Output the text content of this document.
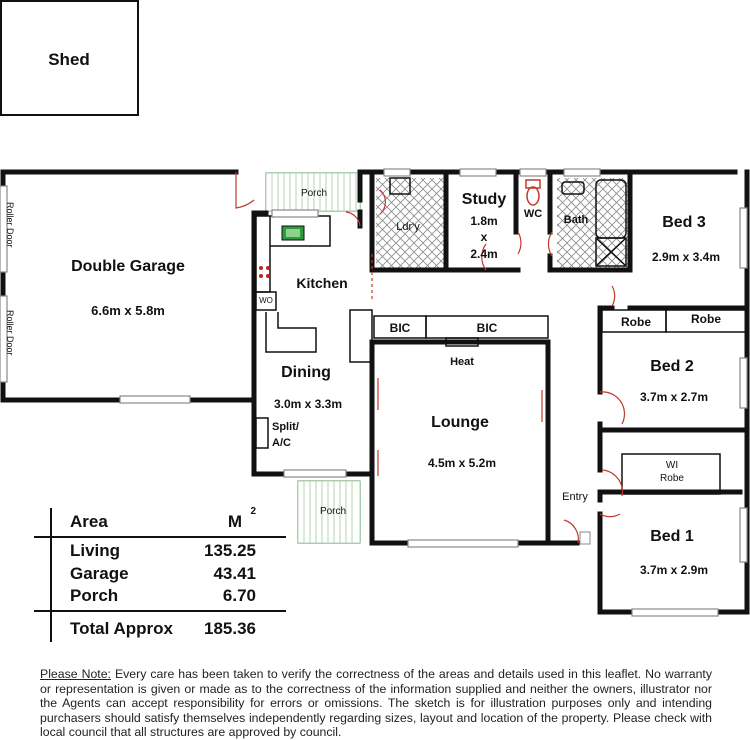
Shed
Porch
Porch
Roller Door
Roller Door
Double Garage
6.6m x 5.8m
Ldr'y
Study
1.8m
x
2.4m
WC Bath	Bed 3
2.9m x 3.4m
Kitchen
WO
BIC	BIC
Heat
Robe	Robe
Bed 2
3.7m x 2.7m
Dining
3.0m x 3.3m
Split/
A/C
Lounge
4.5m x 5.2m	WI
Robe
Entry
Bed 1
3.7m x 2.9m
Area	M
2
Living	135.25
Garage	43.41
Porch	6.70
Total Approx 185.36
Please Note: Every care has been taken to verify the correctness of the areas and details used in this leaflet. No warranty or representation is given or made as to the correctness of the information supplied and neither the owners, illustrator nor the Agents can accept responsibility for errors or omissions. The sketch is for illustration purposes only and intending purchasers should satisfy themselves independently regarding sizes, layout and location of the property. Please check with local council that all structures are approved by council.
